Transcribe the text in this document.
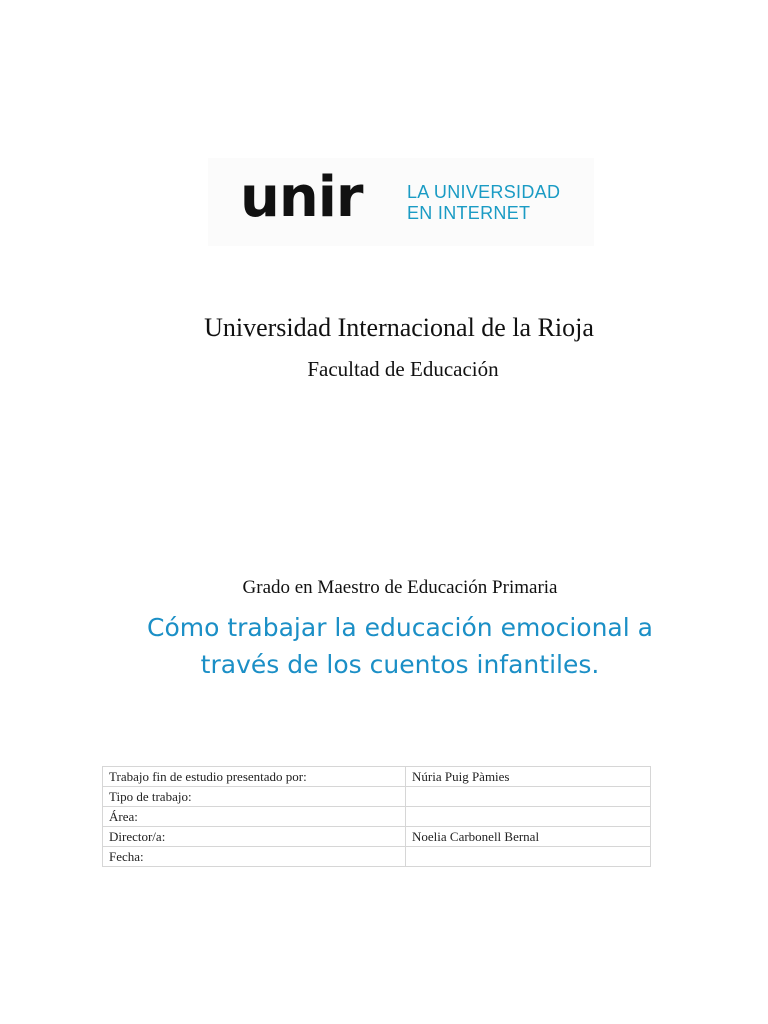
unir LA UNIVERSIDAD
EN INTERNET
Universidad Internacional de la Rioja
Facultad de Educación
Grado en Maestro de Educación Primaria
Cómo trabajar la educación emocional a
través de los cuentos infantiles.
Trabajo fin de estudio presentado por:	Núria Puig Pàmies
Tipo de trabajo:	
Área:	
Director/a:	Noelia Carbonell Bernal
Fecha:	
